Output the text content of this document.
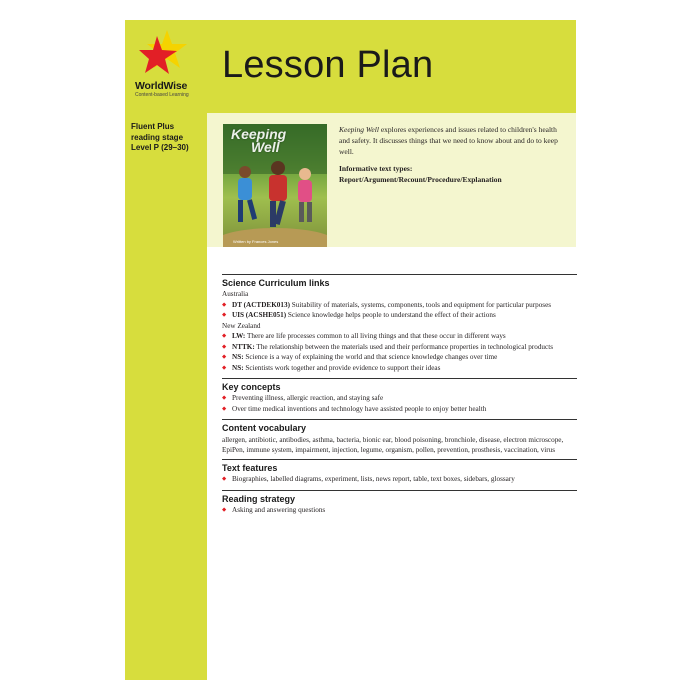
WorldWise
Content-based Learning
Lesson Plan
Fluent Plus
reading stage
Level P (29–30)
Keeping
Well
Written by Frances Jones

Keeping Well explores experiences and issues related to children's health and safety. It discusses things that we need to know about and do to keep well.

Informative text types:

Report/Argument/Recount/Procedure/Explanation

Science Curriculum links
Australia
◆ DT (ACTDEK013) Suitability of materials, systems, components, tools and equipment for particular purposes
◆ UIS (ACSHE051) Science knowledge helps people to understand the effect of their actions
New Zealand
◆ LW: There are life processes common to all living things and that these occur in different ways
◆ NTTK: The relationship between the materials used and their performance properties in technological products
◆ NS: Science is a way of explaining the world and that science knowledge changes over time
◆ NS: Scientists work together and provide evidence to support their ideas
Key concepts
◆ Preventing illness, allergic reaction, and staying safe
◆ Over time medical inventions and technology have assisted people to enjoy better health
Content vocabulary

allergen, antibiotic, antibodies, asthma, bacteria, bionic ear, blood poisoning, bronchiole, disease, electron microscope, EpiPen, immune system, impairment, injection, legume, organism, pollen, prevention, prosthesis, vaccination, virus

Text features
◆ Biographies, labelled diagrams, experiment, lists, news report, table, text boxes, sidebars, glossary
Reading strategy
◆ Asking and answering questions
